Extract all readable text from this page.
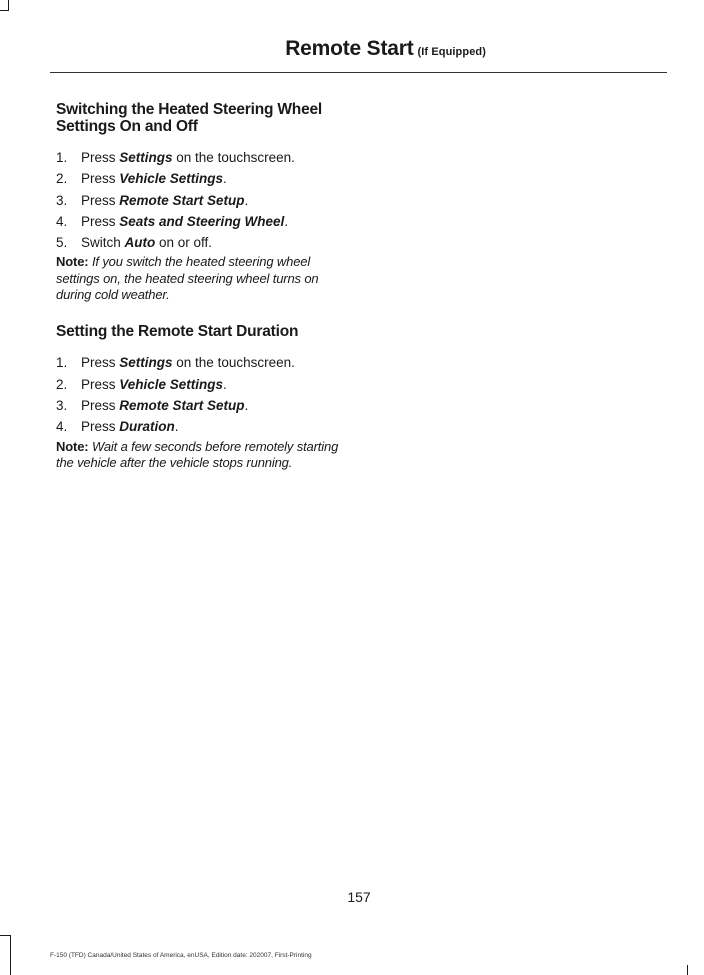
Remote Start (If Equipped)
Switching the Heated Steering Wheel Settings On and Off
1. Press Settings on the touchscreen.
2. Press Vehicle Settings.
3. Press Remote Start Setup.
4. Press Seats and Steering Wheel.
5. Switch Auto on or off.

Note: If you switch the heated steering wheel settings on, the heated steering wheel turns on during cold weather.

Setting the Remote Start Duration
1. Press Settings on the touchscreen.
2. Press Vehicle Settings.
3. Press Remote Start Setup.
4. Press Duration.

Note: Wait a few seconds before remotely starting the vehicle after the vehicle stops running.

157
F-150 (TFD) Canada/United States of America, enUSA, Edition date: 202007, First-Printing
